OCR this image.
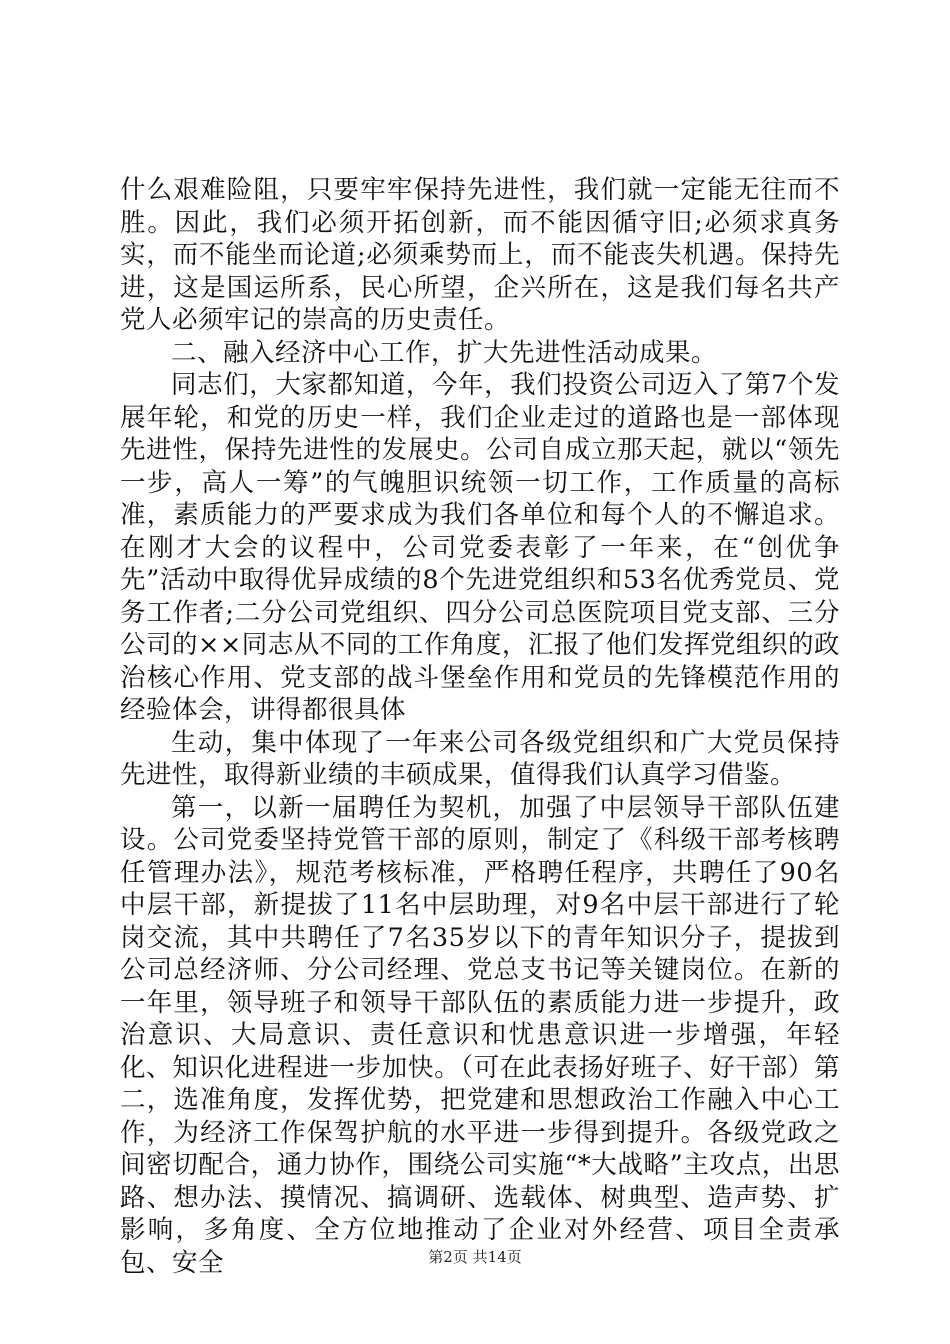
什么艰难险阻，只要牢牢保持先进性，我们就一定能无往而不胜。因此，我们必须开拓创新，而不能因循守旧;必须求真务实，而不能坐而论道;必须乘势而上，而不能丧失机遇。保持先进，这是国运所系，民心所望，企兴所在，这是我们每名共产党人必须牢记的崇高的历史责任。

二、融入经济中心工作，扩大先进性活动成果。

同志们，大家都知道，今年，我们投资公司迈入了第7个发展年轮，和党的历史一样，我们企业走过的道路也是一部体现先进性，保持先进性的发展史。公司自成立那天起，就以“领先一步，高人一筹”的气魄胆识统领一切工作，工作质量的高标准，素质能力的严要求成为我们各单位和每个人的不懈追求。在刚才大会的议程中，公司党委表彰了一年来，在“创优争先”活动中取得优异成绩的8个先进党组织和53名优秀党员、党务工作者;二分公司党组织、四分公司总医院项目党支部、三分公司的××同志从不同的工作角度，汇报了他们发挥党组织的政治核心作用、党支部的战斗堡垒作用和党员的先锋模范作用的经验体会，讲得都很具体

生动，集中体现了一年来公司各级党组织和广大党员保持先进性，取得新业绩的丰硕成果，值得我们认真学习借鉴。

第一，以新一届聘任为契机，加强了中层领导干部队伍建设。公司党委坚持党管干部的原则，制定了《科级干部考核聘任管理办法》，规范考核标准，严格聘任程序，共聘任了90名中层干部，新提拔了11名中层助理，对9名中层干部进行了轮岗交流，其中共聘任了7名35岁以下的青年知识分子，提拔到公司总经济师、分公司经理、党总支书记等关键岗位。在新的一年里，领导班子和领导干部队伍的素质能力进一步提升，政治意识、大局意识、责任意识和忧患意识进一步增强，年轻化、知识化进程进一步加快。（可在此表扬好班子、好干部）第二，选准角度，发挥优势，把党建和思想政治工作融入中心工作，为经济工作保驾护航的水平进一步得到提升。各级党政之间密切配合，通力协作，围绕公司实施“*大战略”主攻点，出思路、想办法、摸情况、搞调研、选载体、树典型、造声势、扩影响，多角度、全方位地推动了企业对外经营、项目全责承包、安全	第2页 共14页
